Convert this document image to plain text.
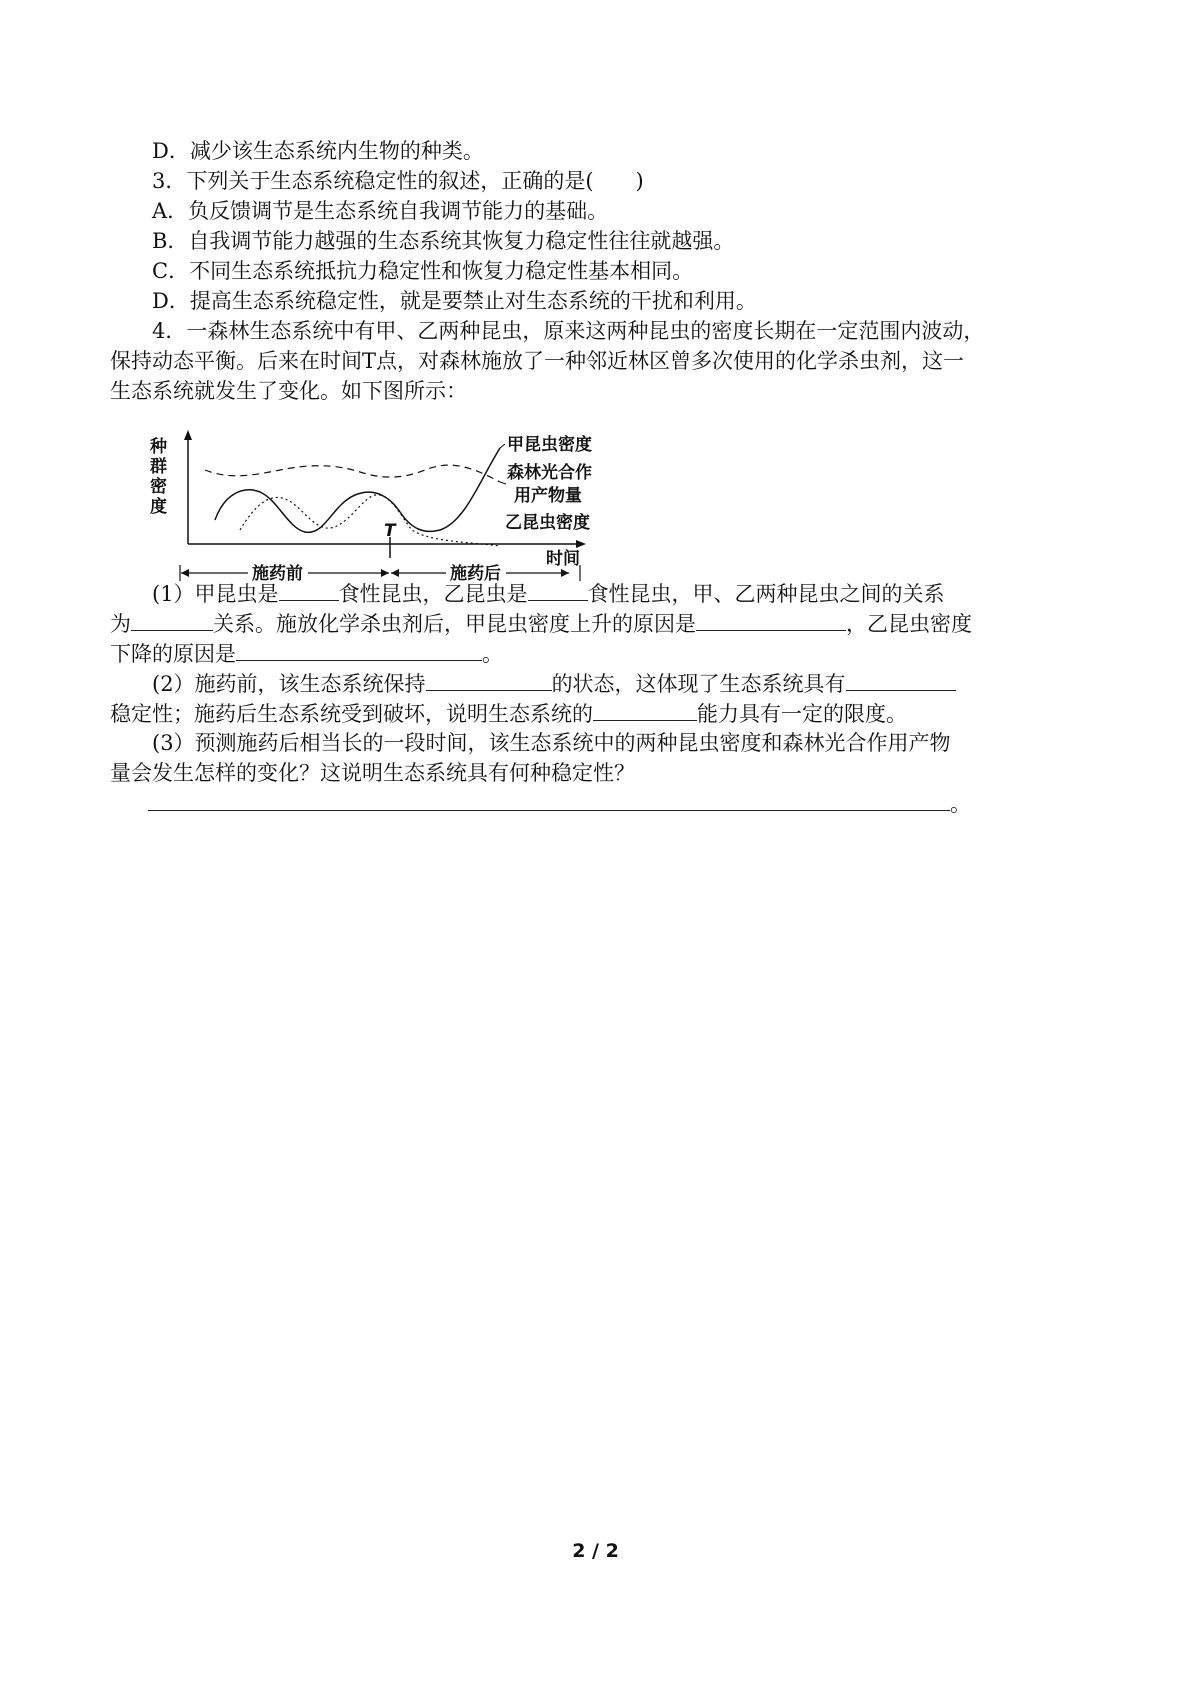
D．减少该生态系统内生物的种类。
3．下列关于生态系统稳定性的叙述，正确的是(　　)
A．负反馈调节是生态系统自我调节能力的基础。
B．自我调节能力越强的生态系统其恢复力稳定性往往就越强。
C．不同生态系统抵抗力稳定性和恢复力稳定性基本相同。
D．提高生态系统稳定性，就是要禁止对生态系统的干扰和利用。
4．一森林生态系统中有甲、乙两种昆虫，原来这两种昆虫的密度长期在一定范围内波动，
保持动态平衡。后来在时间T点，对森林施放了一种邻近林区曾多次使用的化学杀虫剂，这一
生态系统就发生了变化。如下图所示：
种
群
密
度
甲昆虫密度
森林光合作
用产物量
乙昆虫密度
T
时间
施药前	施药后
(1）甲昆虫是	食性昆虫，乙昆虫是	食性昆虫，甲、乙两种昆虫之间的关系
为	关系。施放化学杀虫剂后，甲昆虫密度上升的原因是	，乙昆虫密度
下降的原因是	。
(2）施药前，该生态系统保持	的状态，这体现了生态系统具有
稳定性；施药后生态系统受到破坏，说明生态系统的	能力具有一定的限度。
(3）预测施药后相当长的一段时间，该生态系统中的两种昆虫密度和森林光合作用产物
量会发生怎样的变化？这说明生态系统具有何种稳定性？
。
2 / 2
